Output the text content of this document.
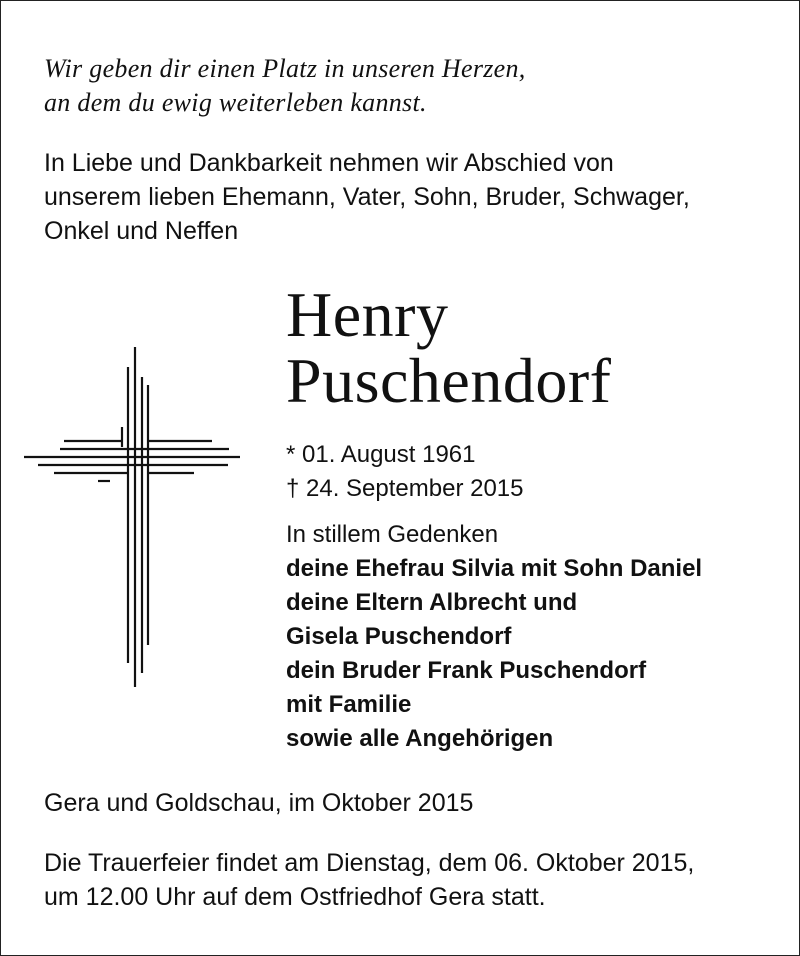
Wir geben dir einen Platz in unseren Herzen,
an dem du ewig weiterleben kannst.
In Liebe und Dankbarkeit nehmen wir Abschied von
unserem lieben Ehemann, Vater, Sohn, Bruder, Schwager,
Onkel und Neffen
Henry
Puschendorf
* 01. August 1961
† 24. September 2015
In stillem Gedenken
deine Ehefrau Silvia mit Sohn Daniel
deine Eltern Albrecht und
Gisela Puschendorf
dein Bruder Frank Puschendorf
mit Familie
sowie alle Angehörigen
Gera und Goldschau, im Oktober 2015
Die Trauerfeier findet am Dienstag, dem 06. Oktober 2015,
um 12.00 Uhr auf dem Ostfriedhof Gera statt.
